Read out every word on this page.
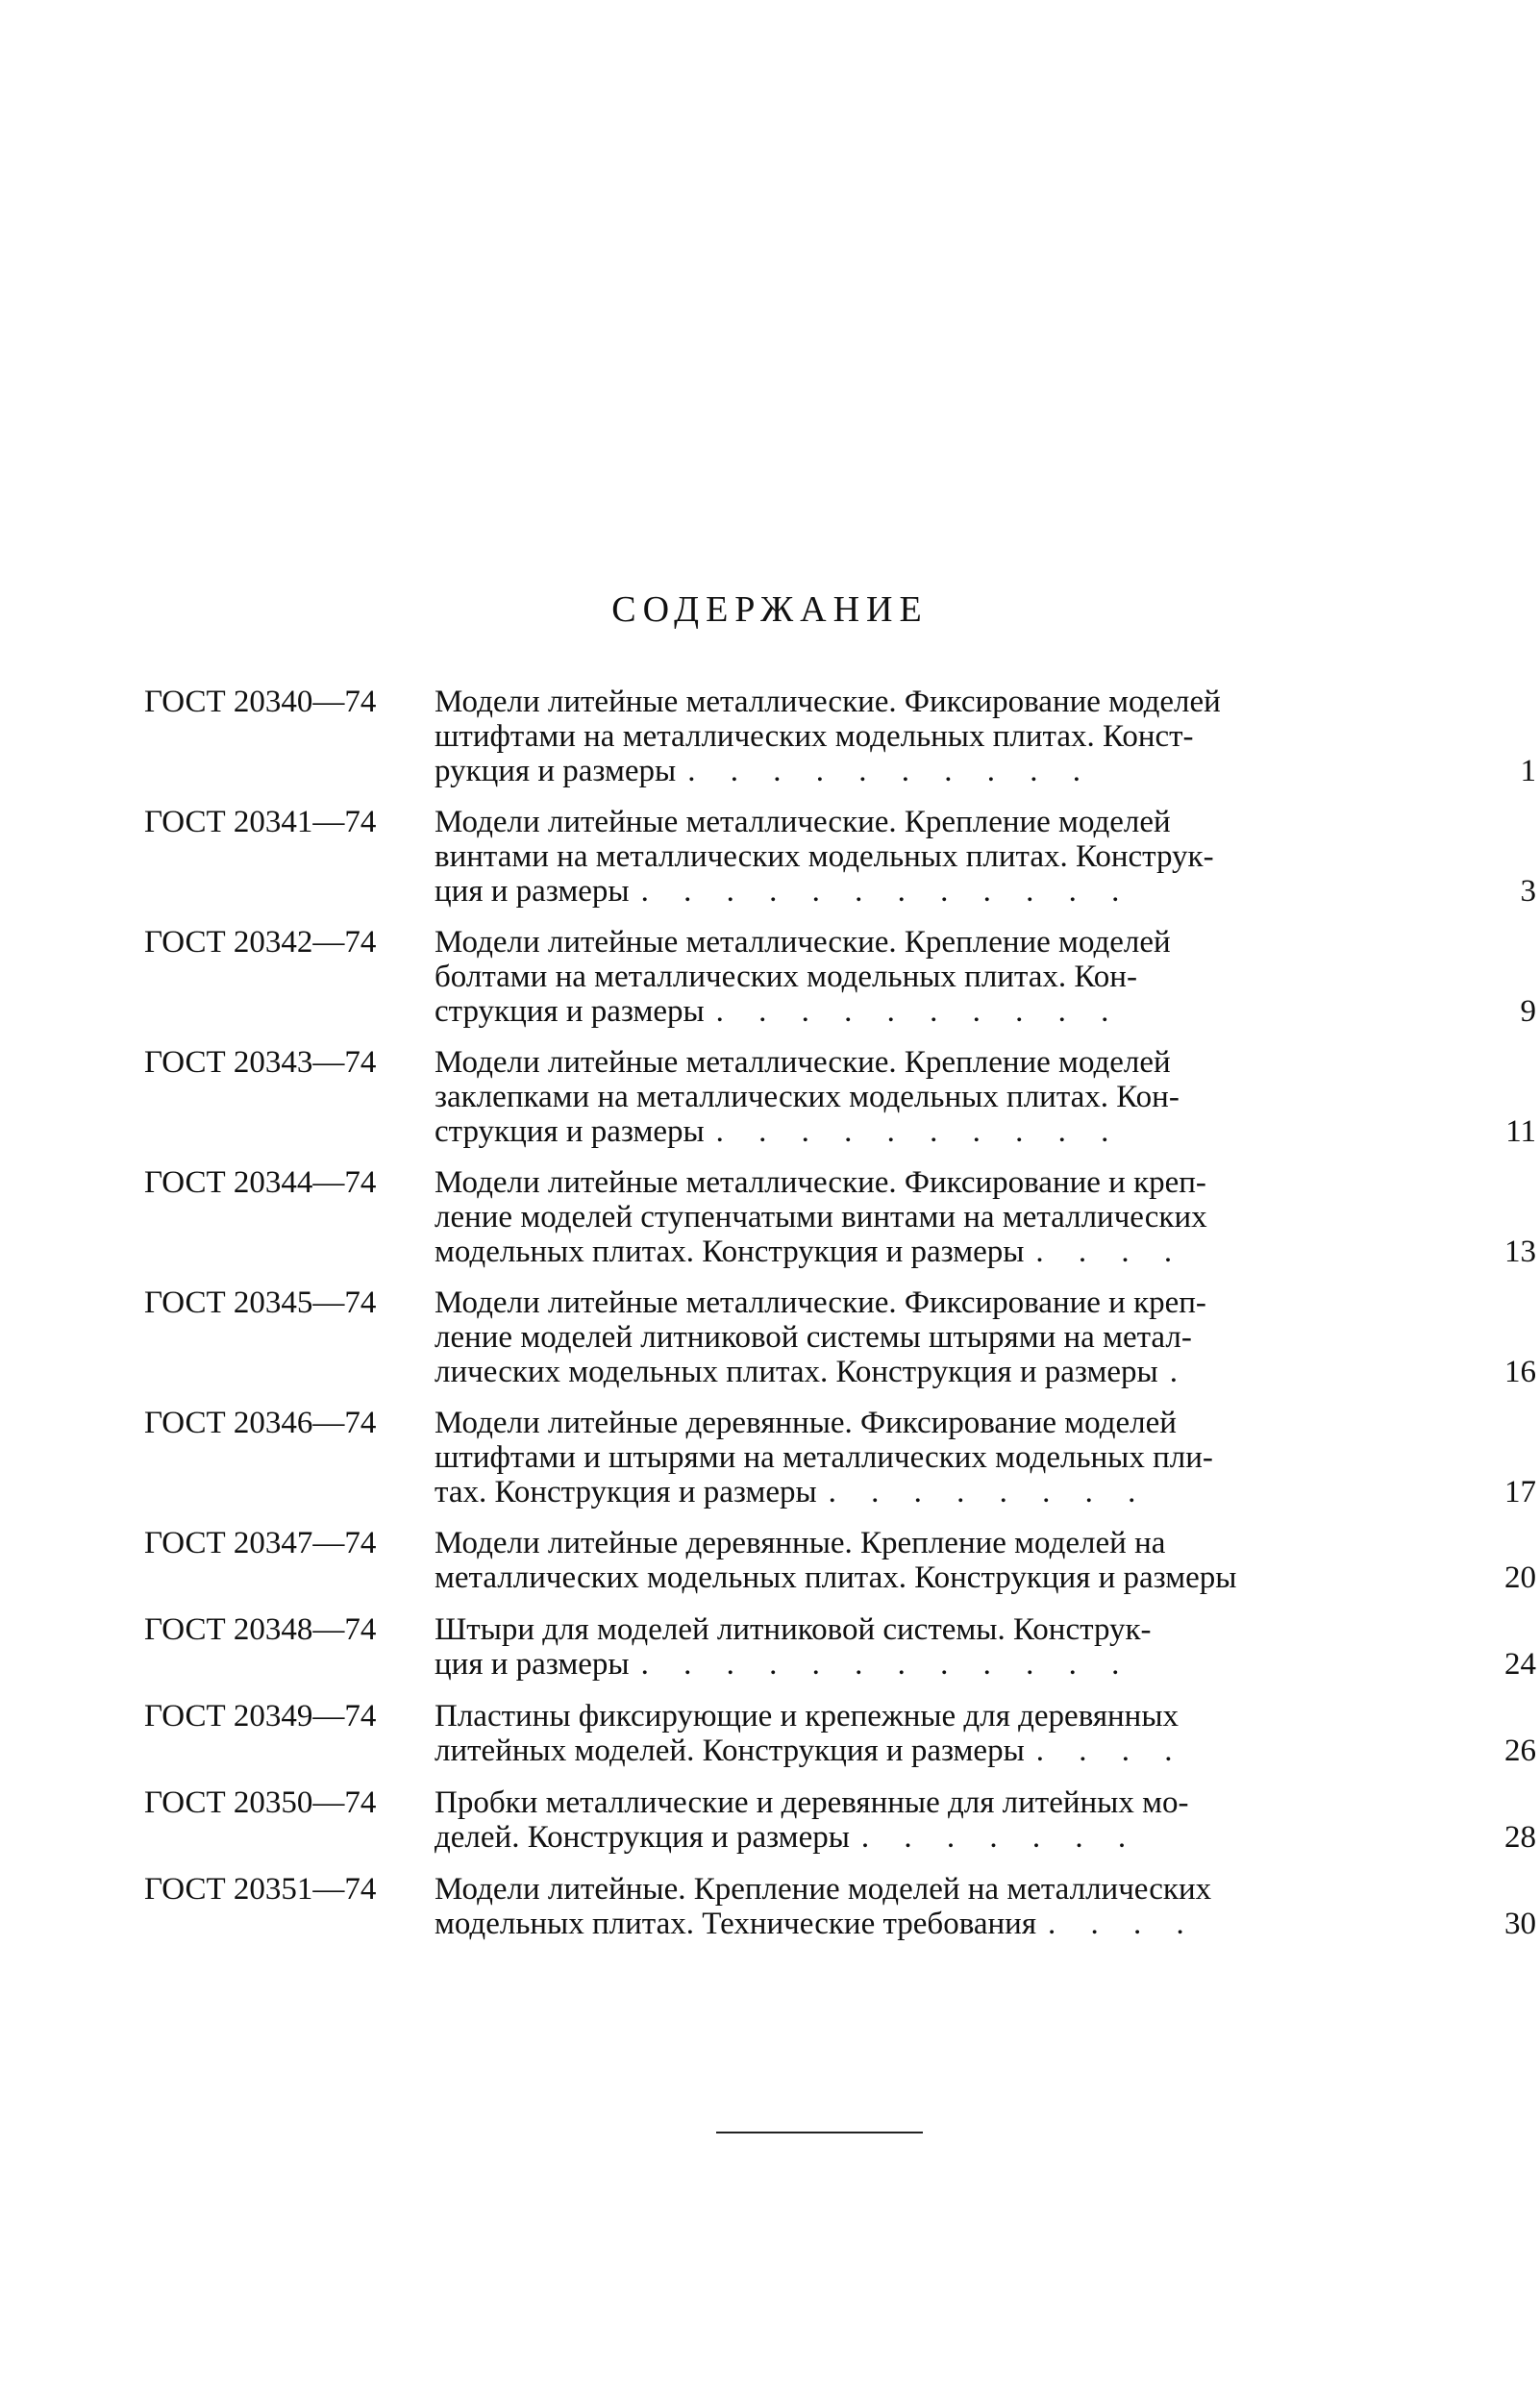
СОДЕРЖАНИЕ
ГОСТ 20340—74	Модели литейные металлические. Фиксирование моделей
штифтами на металлических модельных плитах. Конст-
рукция и размеры . . . . . . . . . .	1
ГОСТ 20341—74	Модели литейные металлические. Крепление моделей
винтами на металлических модельных плитах. Конструк-
ция и размеры . . . . . . . . . . . .	3
ГОСТ 20342—74	Модели литейные металлические. Крепление моделей
болтами на металлических модельных плитах. Кон-
струкция и размеры . . . . . . . . . .	9
ГОСТ 20343—74	Модели литейные металлические. Крепление моделей
заклепками на металлических модельных плитах. Кон-
струкция и размеры . . . . . . . . . .	11
ГОСТ 20344—74	Модели литейные металлические. Фиксирование и креп-
ление моделей ступенчатыми винтами на металлических
модельных плитах. Конструкция и размеры . . . .	13
ГОСТ 20345—74	Модели литейные металлические. Фиксирование и креп-
ление моделей литниковой системы штырями на метал-
лических модельных плитах. Конструкция и размеры .	16
ГОСТ 20346—74	Модели литейные деревянные. Фиксирование моделей
штифтами и штырями на металлических модельных пли-
тах. Конструкция и размеры . . . . . . . .	17
ГОСТ 20347—74	Модели литейные деревянные. Крепление моделей на
металлических модельных плитах. Конструкция и размеры	20
ГОСТ 20348—74	Штыри для моделей литниковой системы. Конструк-
ция и размеры . . . . . . . . . . . .	24
ГОСТ 20349—74	Пластины фиксирующие и крепежные для деревянных
литейных моделей. Конструкция и размеры . . . .	26
ГОСТ 20350—74	Пробки металлические и деревянные для литейных мо-
делей. Конструкция и размеры . . . . . . .	28
ГОСТ 20351—74	Модели литейные. Крепление моделей на металлических
модельных плитах. Технические требования . . . .	30
